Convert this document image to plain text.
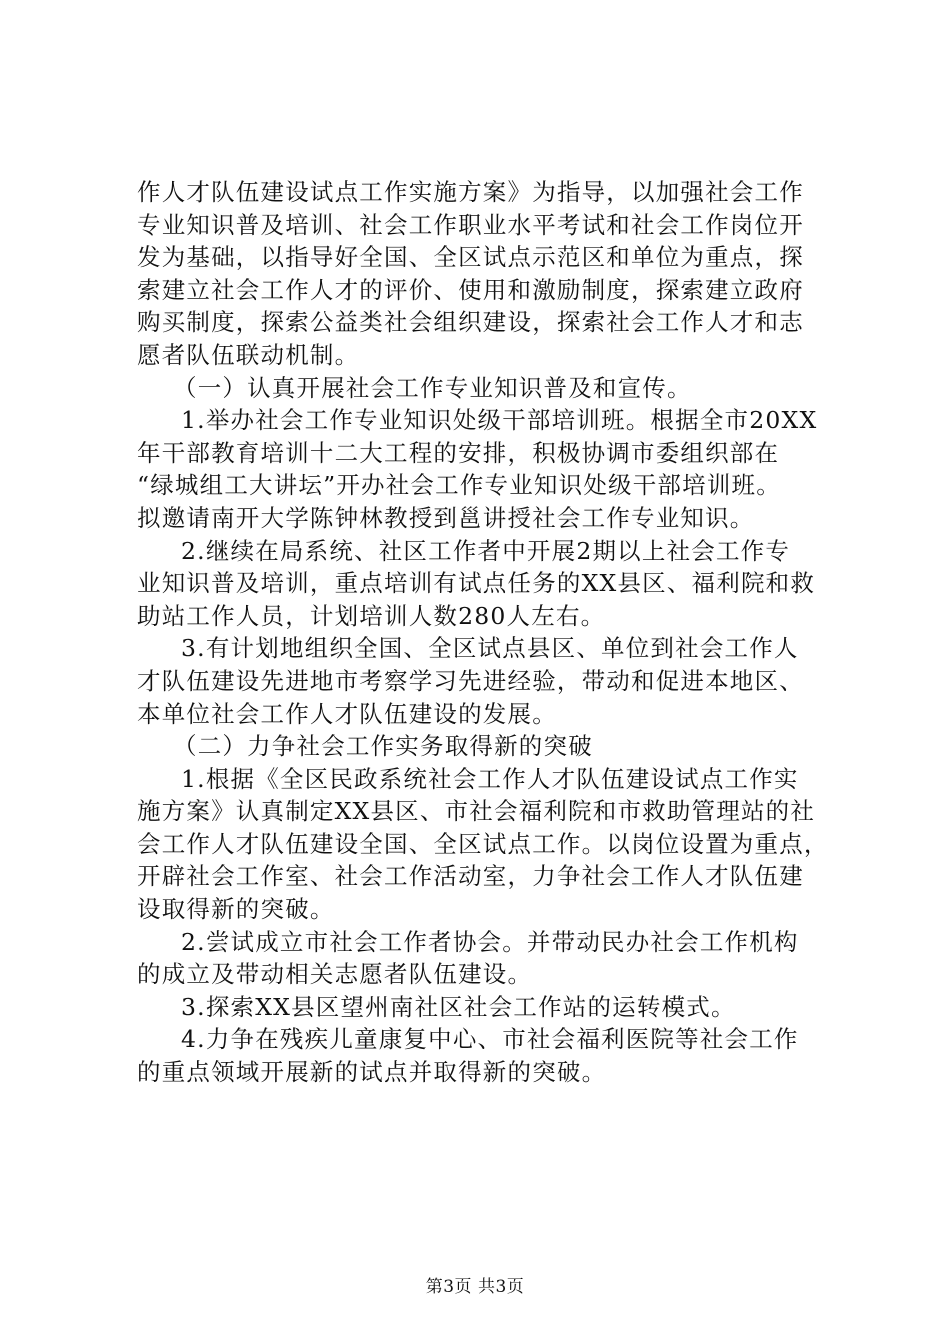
作人才队伍建设试点工作实施方案》为指导，以加强社会工作
专业知识普及培训、社会工作职业水平考试和社会工作岗位开
发为基础，以指导好全国、全区试点示范区和单位为重点，探
索建立社会工作人才的评价、使用和激励制度，探索建立政府
购买制度，探索公益类社会组织建设，探索社会工作人才和志
愿者队伍联动机制。
（一）认真开展社会工作专业知识普及和宣传。
1.举办社会工作专业知识处级干部培训班。根据全市20XX
年干部教育培训十二大工程的安排，积极协调市委组织部在
“绿城组工大讲坛”开办社会工作专业知识处级干部培训班。
拟邀请南开大学陈钟林教授到邕讲授社会工作专业知识。
2.继续在局系统、社区工作者中开展2期以上社会工作专
业知识普及培训，重点培训有试点任务的XX县区、福利院和救
助站工作人员，计划培训人数280人左右。
3.有计划地组织全国、全区试点县区、单位到社会工作人
才队伍建设先进地市考察学习先进经验，带动和促进本地区、
本单位社会工作人才队伍建设的发展。
（二）力争社会工作实务取得新的突破
1.根据《全区民政系统社会工作人才队伍建设试点工作实
施方案》认真制定XX县区、市社会福利院和市救助管理站的社
会工作人才队伍建设全国、全区试点工作。以岗位设置为重点，
开辟社会工作室、社会工作活动室，力争社会工作人才队伍建
设取得新的突破。
2.尝试成立市社会工作者协会。并带动民办社会工作机构
的成立及带动相关志愿者队伍建设。
3.探索XX县区望州南社区社会工作站的运转模式。
4.力争在残疾儿童康复中心、市社会福利医院等社会工作
的重点领域开展新的试点并取得新的突破。
第3页 共3页
